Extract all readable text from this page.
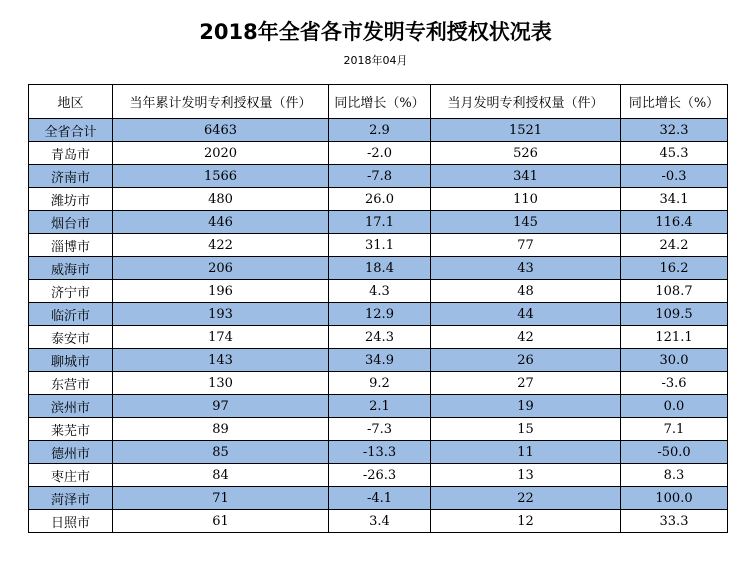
2018年全省各市发明专利授权状况表
2018年04月
地区	当年累计发明专利授权量（件）	同比增长（%）	当月发明专利授权量（件）	同比增长（%）
全省合计	6463	2.9	1521	32.3
青岛市	2020	-2.0	526	45.3
济南市	1566	-7.8	341	-0.3
潍坊市	480	26.0	110	34.1
烟台市	446	17.1	145	116.4
淄博市	422	31.1	77	24.2
威海市	206	18.4	43	16.2
济宁市	196	4.3	48	108.7
临沂市	193	12.9	44	109.5
泰安市	174	24.3	42	121.1
聊城市	143	34.9	26	30.0
东营市	130	9.2	27	-3.6
滨州市	97	2.1	19	0.0
莱芜市	89	-7.3	15	7.1
德州市	85	-13.3	11	-50.0
枣庄市	84	-26.3	13	8.3
菏泽市	71	-4.1	22	100.0
日照市	61	3.4	12	33.3
